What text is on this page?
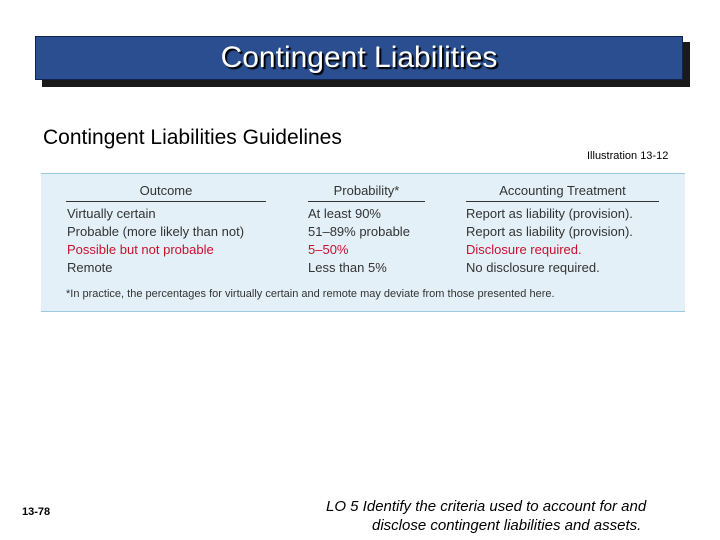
Contingent Liabilities
Contingent Liabilities Guidelines
Illustration 13-12
Outcome	Probability*	Accounting Treatment
Virtually certain	At least 90%	Report as liability (provision).
Probable (more likely than not)	51–89% probable	Report as liability (provision).
Possible but not probable	5–50%	Disclosure required.
Remote	Less than 5%	No disclosure required.
*In practice, the percentages for virtually certain and remote may deviate from those presented here.
13-78	LO 5 Identify the criteria used to account for and
disclose contingent liabilities and assets.
